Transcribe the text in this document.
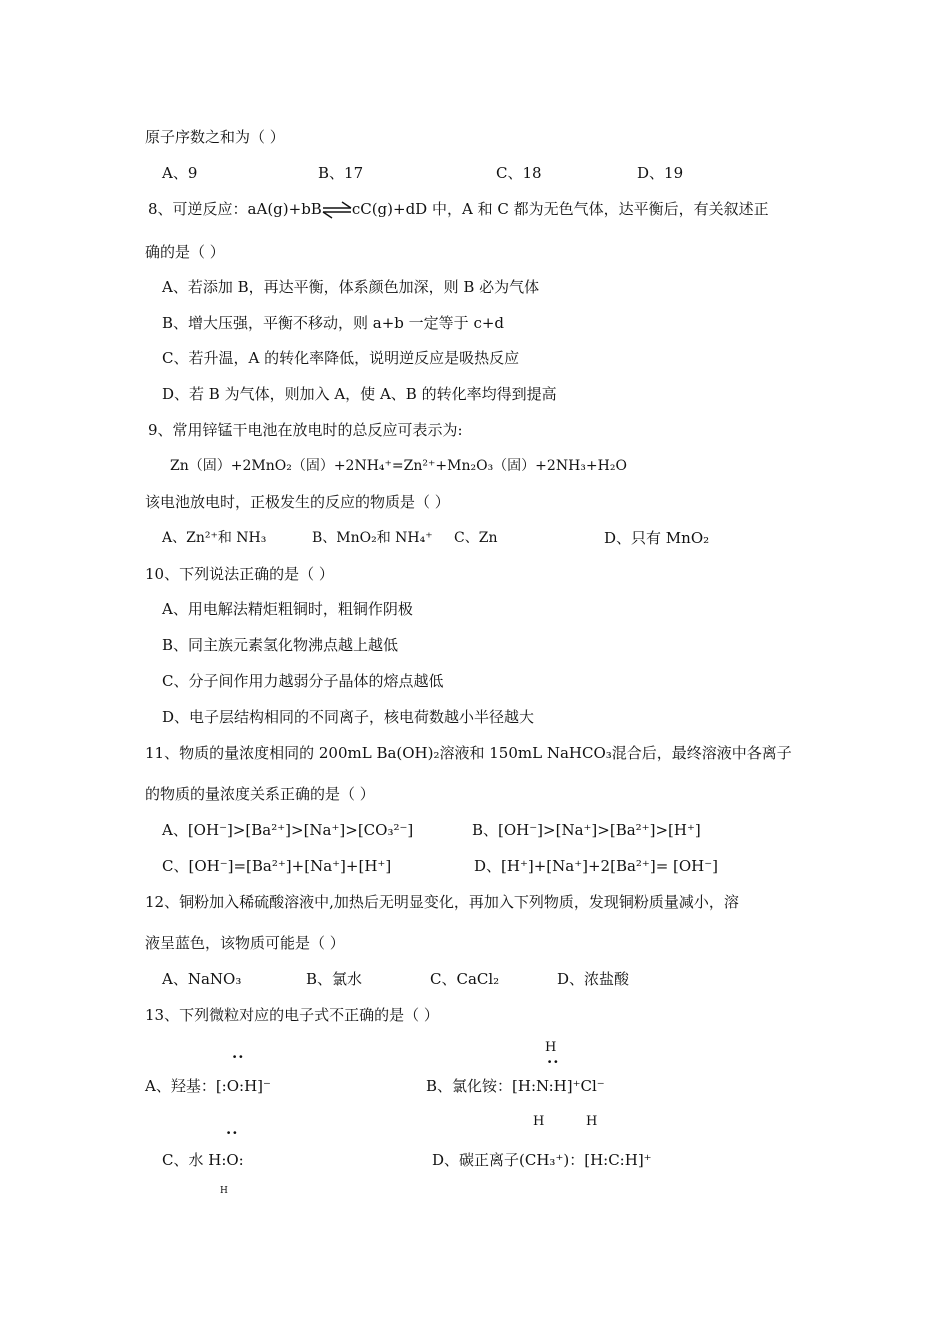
原子序数之和为（ ）
A、9	B、17	C、18	D、19
8、可逆反应：aA(g)+bB⇌cC(g)+dD 中，A 和 C 都为无色气体，达平衡后，有关叙述正
确的是（ ）
A、若添加 B，再达平衡，体系颜色加深，则 B 必为气体
B、增大压强，平衡不移动，则 a+b 一定等于 c+d
C、若升温，A 的转化率降低，说明逆反应是吸热反应
D、若 B 为气体，则加入 A，使 A、B 的转化率均得到提高
9、常用锌锰干电池在放电时的总反应可表示为:
Zn（固）+2MnO₂（固）+2NH₄⁺=Zn²⁺+Mn₂O₃（固）+2NH₃+H₂O
该电池放电时，正极发生的反应的物质是（ ）
A、Zn²⁺和 NH₃	B、MnO₂和 NH₄⁺ C、Zn	D、只有 MnO₂
10、下列说法正确的是（ ）
A、用电解法精炬粗铜时，粗铜作阴极
B、同主族元素氢化物沸点越上越低
C、分子间作用力越弱分子晶体的熔点越低
D、电子层结构相同的不同离子，核电荷数越小半径越大
11、物质的量浓度相同的 200mL Ba(OH)₂溶液和 150mL NaHCO₃混合后，最终溶液中各离子
的物质的量浓度关系正确的是（ ）
A、[OH⁻]>[Ba²⁺]>[Na⁺]>[CO₃²⁻]	B、[OH⁻]>[Na⁺]>[Ba²⁺]>[H⁺]
C、[OH⁻]=[Ba²⁺]+[Na⁺]+[H⁺]	D、[H⁺]+[Na⁺]+2[Ba²⁺]= [OH⁻]
12、铜粉加入稀硫酸溶液中,加热后无明显变化，再加入下列物质，发现铜粉质量减小，溶
液呈蓝色，该物质可能是（ ）
A、NaNO₃	B、氯水	C、CaCl₂	D、浓盐酸
13、下列微粒对应的电子式不正确的是（ ）
··
H
··
A、羟基：[:O:H]⁻	B、氯化铵：[H:N:H]⁺Cl⁻
H	H
··
C、水 H:O:	D、碳正离子(CH₃⁺)：[H:C:H]⁺
H
